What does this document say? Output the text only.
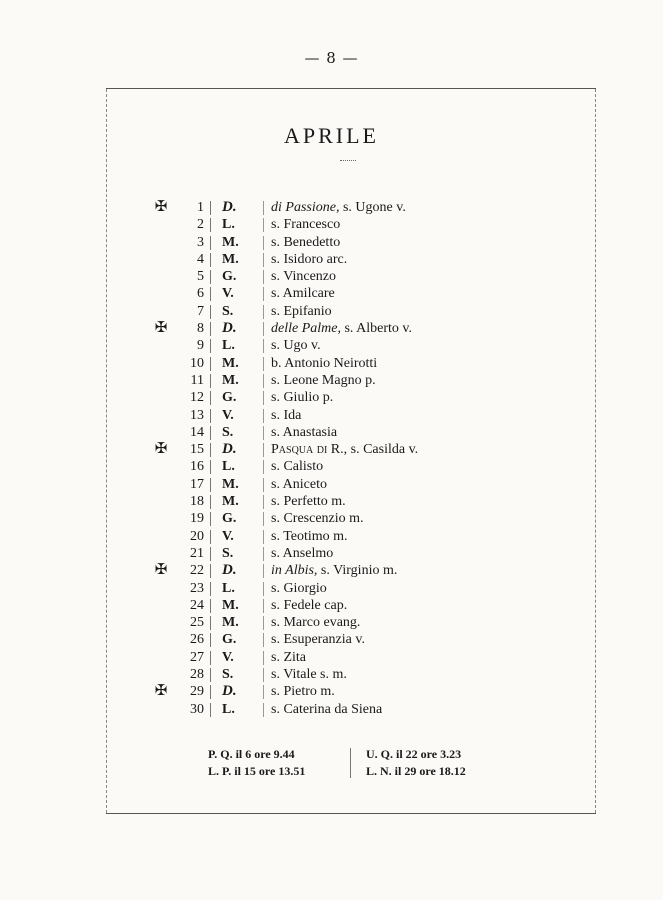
— 8 —
APRILE
✠	1 D. di Passione, s. Ugone v.
2 L.	s. Francesco
3 M. s. Benedetto
4 M. s. Isidoro arc.
5 G. s. Vincenzo
6 V.	s. Amilcare
7 S.	s. Epifanio
✠	8 D. delle Palme, s. Alberto v.
9 L.	s. Ugo v.
10 M. b. Antonio Neirotti
11 M. s. Leone Magno p.
12 G. s. Giulio p.
13 V.	s. Ida
14 S.	s. Anastasia
✠	15 D. Pasqua di R., s. Casilda v.
16 L.	s. Calisto
17 M. s. Aniceto
18 M. s. Perfetto m.
19 G. s. Crescenzio m.
20 V.	s. Teotimo m.
21 S.	s. Anselmo
✠	22 D. in Albis, s. Virginio m.
23 L.	s. Giorgio
24 M. s. Fedele cap.
25 M. s. Marco evang.
26 G. s. Esuperanzia v.
27 V.	s. Zita
28 S.	s. Vitale s. m.
✠	29 D. s. Pietro m.
30 L.	s. Caterina da Siena
P. Q. il 6 ore 9.44
L. P. il 15 ore 13.51
U. Q. il 22 ore 3.23
L. N. il 29 ore 18.12
